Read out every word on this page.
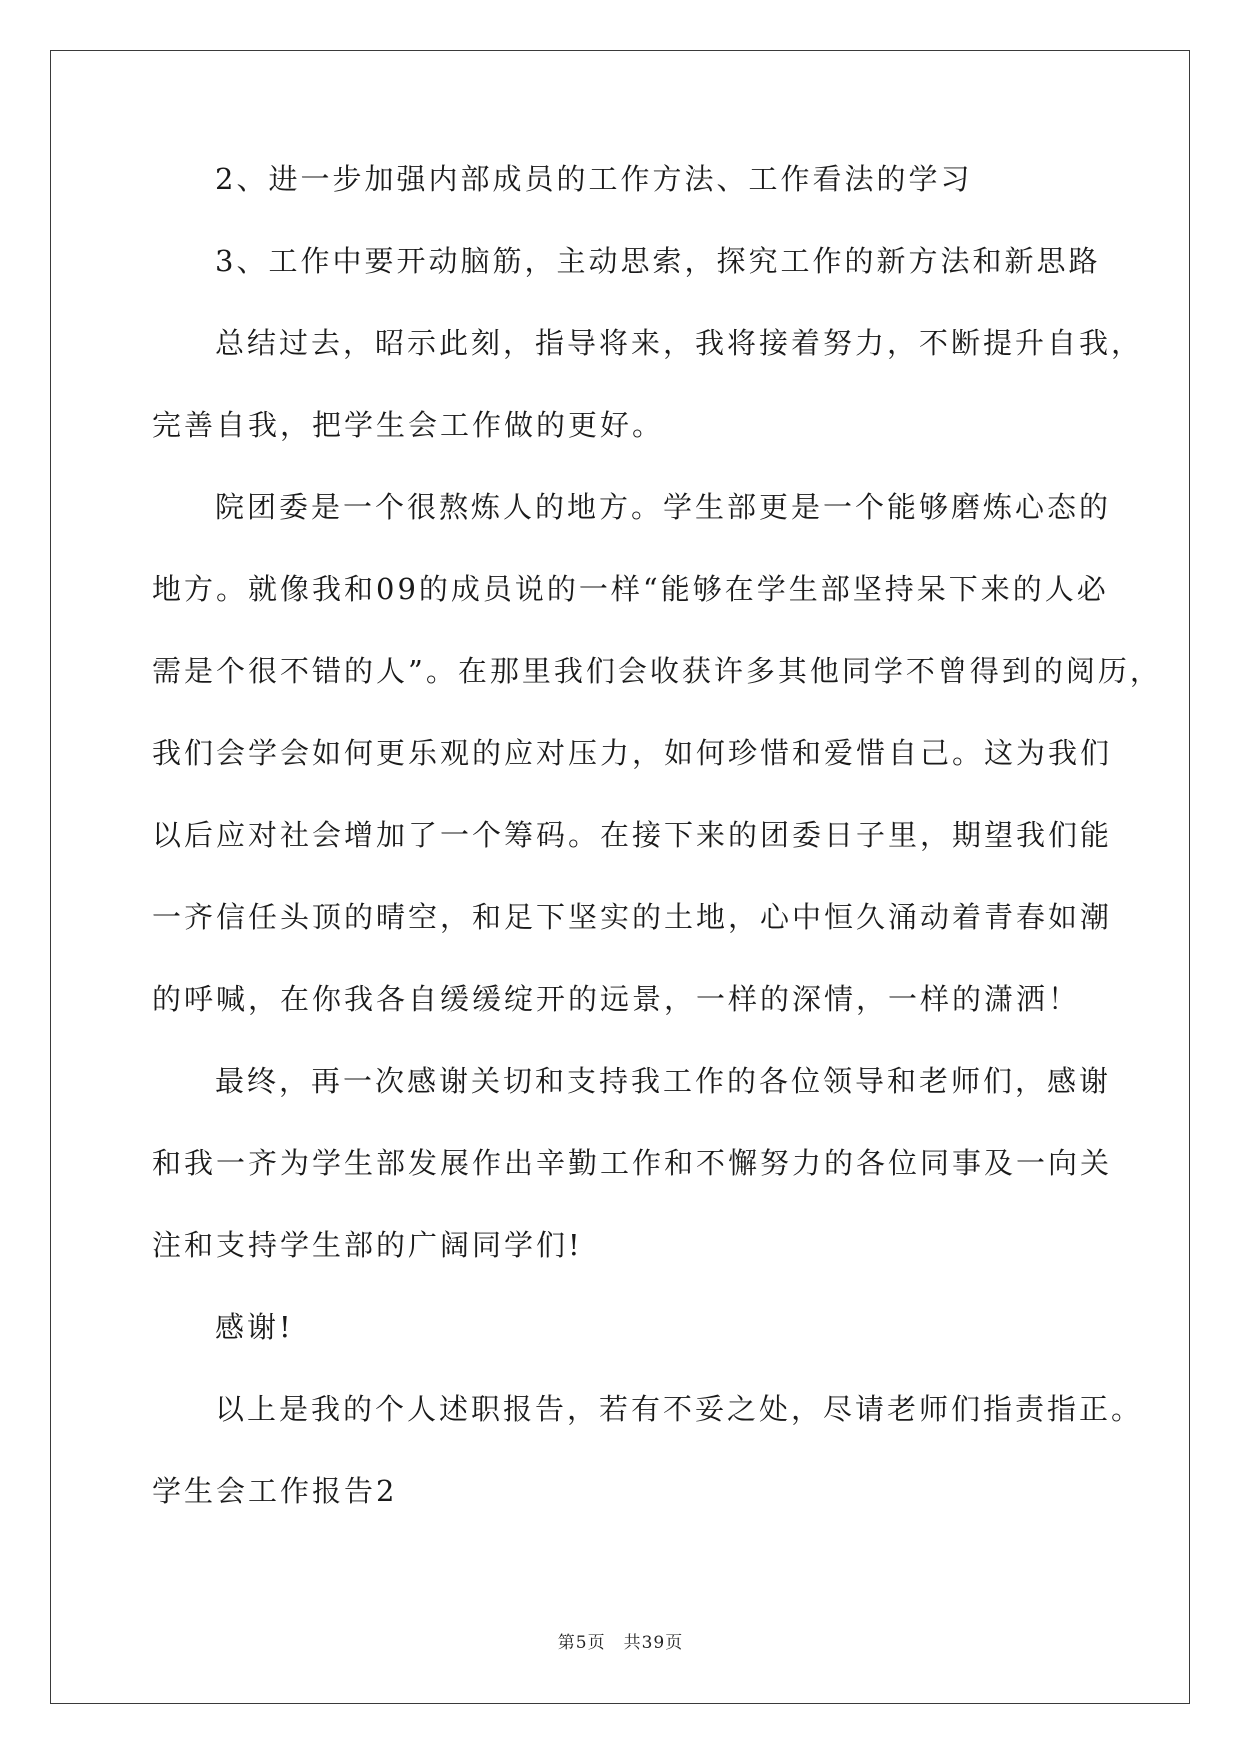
2、进一步加强内部成员的工作方法、工作看法的学习
3、工作中要开动脑筋，主动思索，探究工作的新方法和新思路
总结过去，昭示此刻，指导将来，我将接着努力，不断提升自我，
完善自我，把学生会工作做的更好。
院团委是一个很熬炼人的地方。学生部更是一个能够磨炼心态的
地方。就像我和09的成员说的一样“能够在学生部坚持呆下来的人必
需是个很不错的人”。在那里我们会收获许多其他同学不曾得到的阅历，
我们会学会如何更乐观的应对压力，如何珍惜和爱惜自己。这为我们
以后应对社会增加了一个筹码。在接下来的团委日子里，期望我们能
一齐信任头顶的晴空，和足下坚实的土地，心中恒久涌动着青春如潮
的呼喊，在你我各自缓缓绽开的远景，一样的深情，一样的潇洒！
最终，再一次感谢关切和支持我工作的各位领导和老师们，感谢
和我一齐为学生部发展作出辛勤工作和不懈努力的各位同事及一向关
注和支持学生部的广阔同学们!
感谢!
以上是我的个人述职报告，若有不妥之处，尽请老师们指责指正。
学生会工作报告2
第5页 共39页
